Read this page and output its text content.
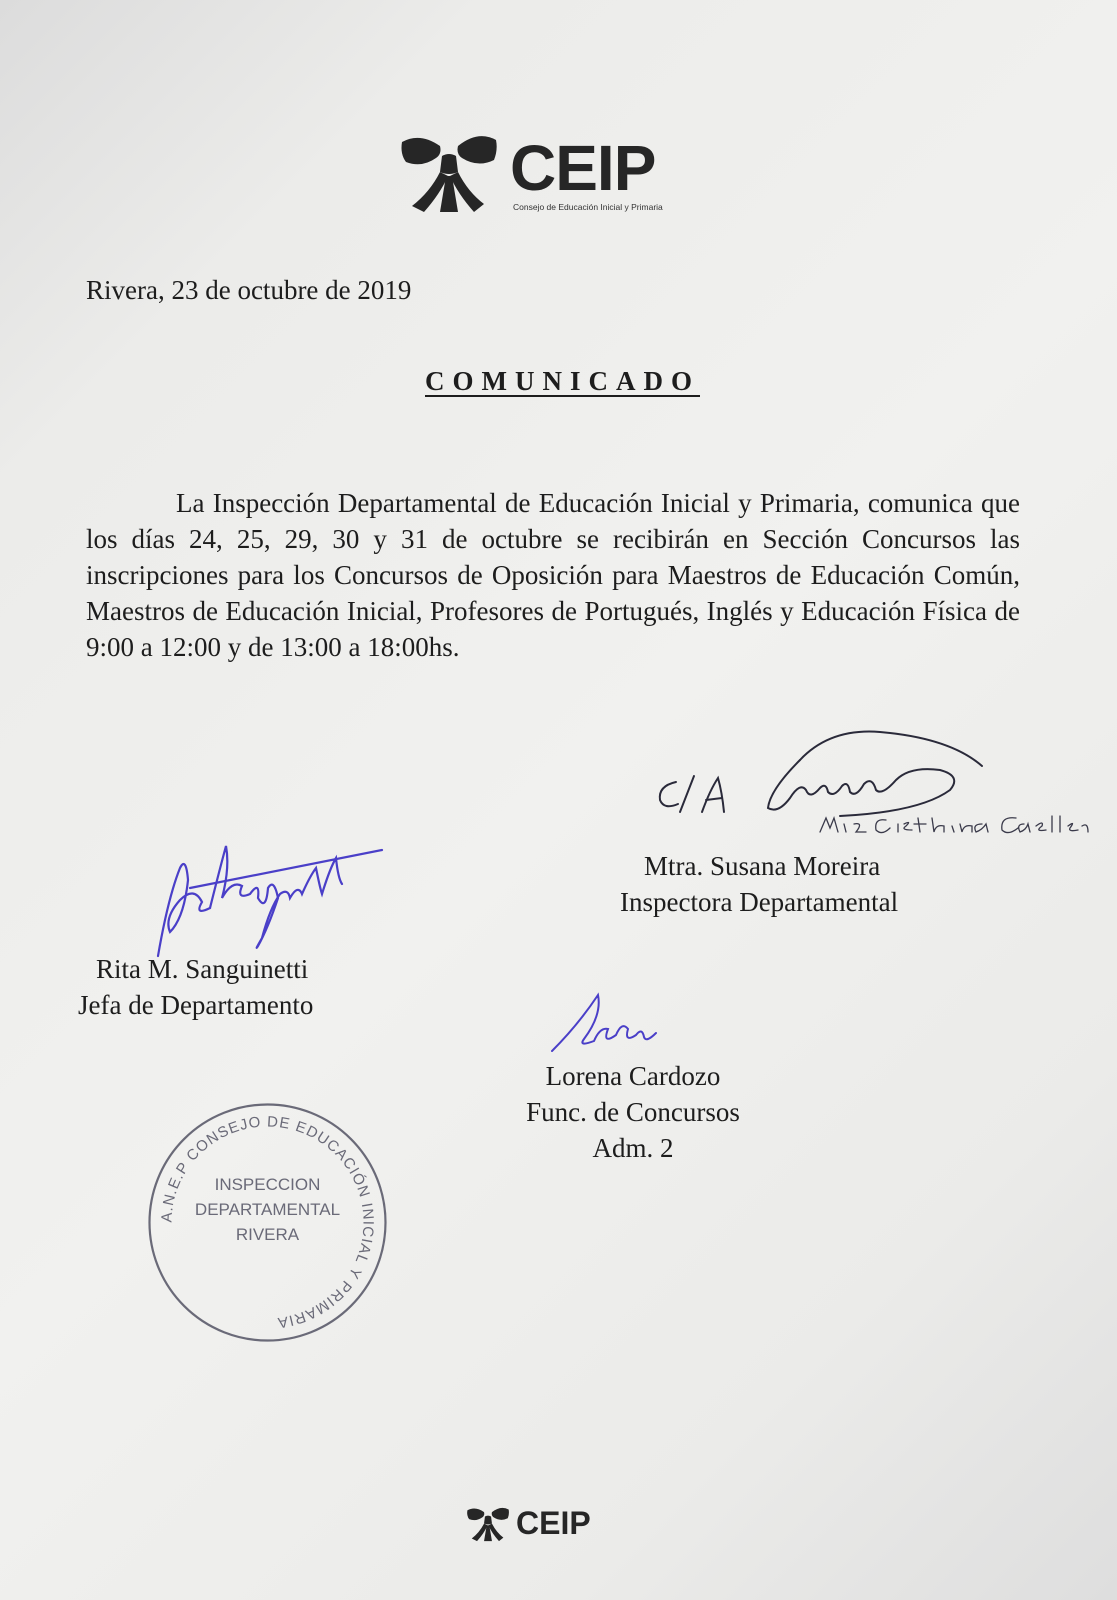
CEIP
Consejo de Educación Inicial y Primaria
Rivera, 23 de octubre de 2019
COMUNICADO
La Inspección Departamental de Educación Inicial y Primaria, comunica que los días 24, 25, 29, 30 y 31 de octubre se recibirán en Sección Concursos las inscripciones para los Concursos de Oposición para Maestros de Educación Común, Maestros de Educación Inicial, Profesores de Portugués, Inglés y Educación Física de 9:00 a 12:00 y de 13:00 a 18:00hs.
Mtra. Susana Moreira
Inspectora Departamental
Rita M. Sanguinetti
Jefa de Departamento
Lorena Cardozo
Func. de Concursos
Adm. 2
A.N.E.P CONSEJO DE EDUCACIÓN INICIAL Y PRIMARIA
INSPECCION
DEPARTAMENTAL
RIVERA
CEIP
